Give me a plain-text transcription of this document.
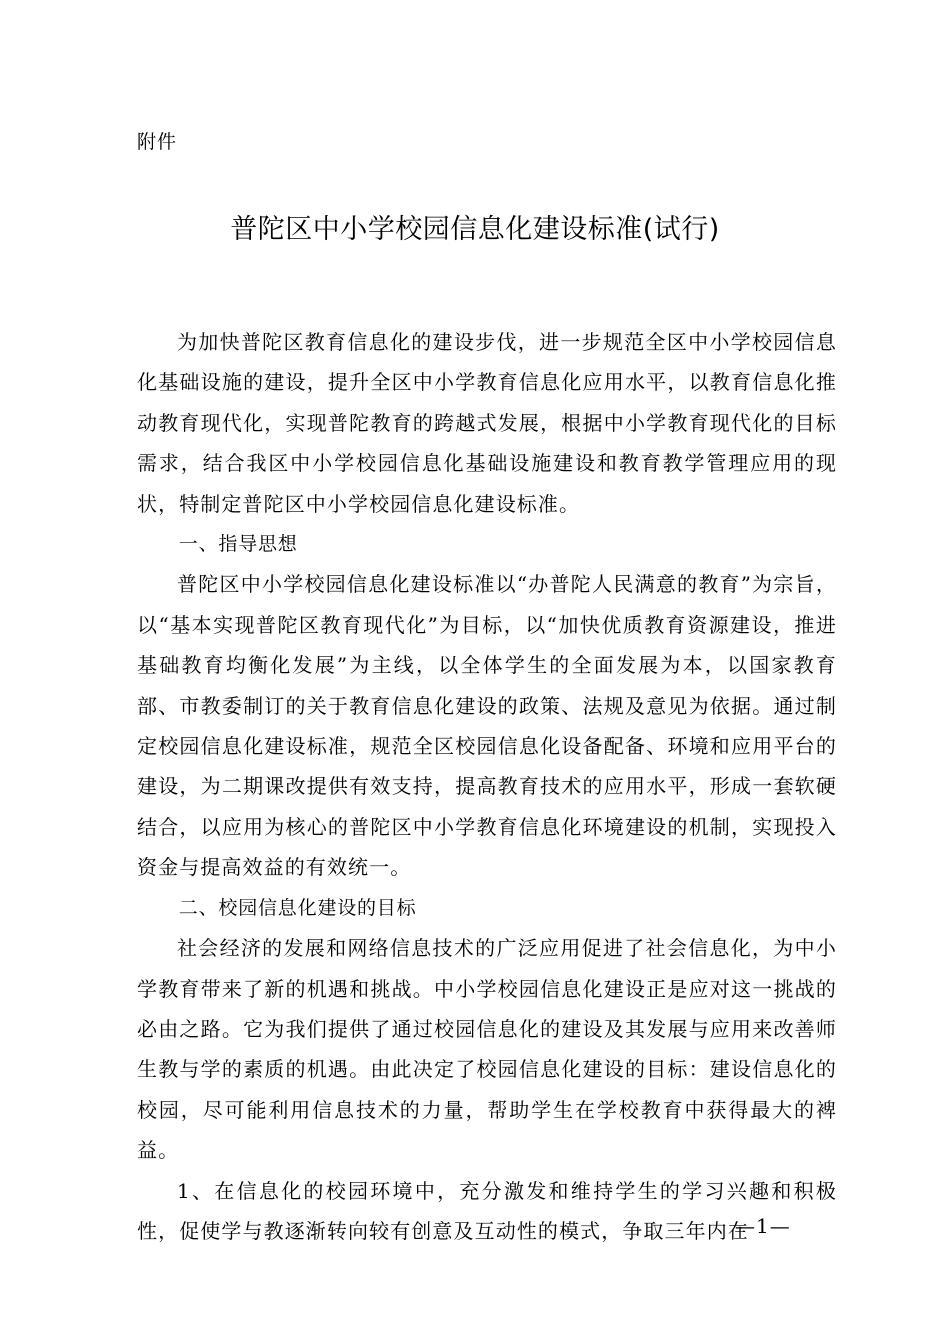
附件
普陀区中小学校园信息化建设标准(试行)

为加快普陀区教育信息化的建设步伐，进一步规范全区中小学校园信息化基础设施的建设，提升全区中小学教育信息化应用水平，以教育信息化推动教育现代化，实现普陀教育的跨越式发展，根据中小学教育现代化的目标需求，结合我区中小学校园信息化基础设施建设和教育教学管理应用的现状，特制定普陀区中小学校园信息化建设标准。

一、指导思想

普陀区中小学校园信息化建设标准以“办普陀人民满意的教育”为宗旨，以“基本实现普陀区教育现代化”为目标，以“加快优质教育资源建设，推进基础教育均衡化发展”为主线，以全体学生的全面发展为本，以国家教育部、市教委制订的关于教育信息化建设的政策、法规及意见为依据。通过制定校园信息化建设标准，规范全区校园信息化设备配备、环境和应用平台的建设，为二期课改提供有效支持，提高教育技术的应用水平，形成一套软硬结合，以应用为核心的普陀区中小学教育信息化环境建设的机制，实现投入资金与提高效益的有效统一。

二、校园信息化建设的目标

社会经济的发展和网络信息技术的广泛应用促进了社会信息化，为中小学教育带来了新的机遇和挑战。中小学校园信息化建设正是应对这一挑战的必由之路。它为我们提供了通过校园信息化的建设及其发展与应用来改善师生教与学的素质的机遇。由此决定了校园信息化建设的目标：建设信息化的校园，尽可能利用信息技术的力量，帮助学生在学校教育中获得最大的裨益。

1、在信息化的校园环境中，充分激发和维持学生的学习兴趣和积极性，促使学与教逐渐转向较有创意及互动性的模式，争取三年内在

—1—
